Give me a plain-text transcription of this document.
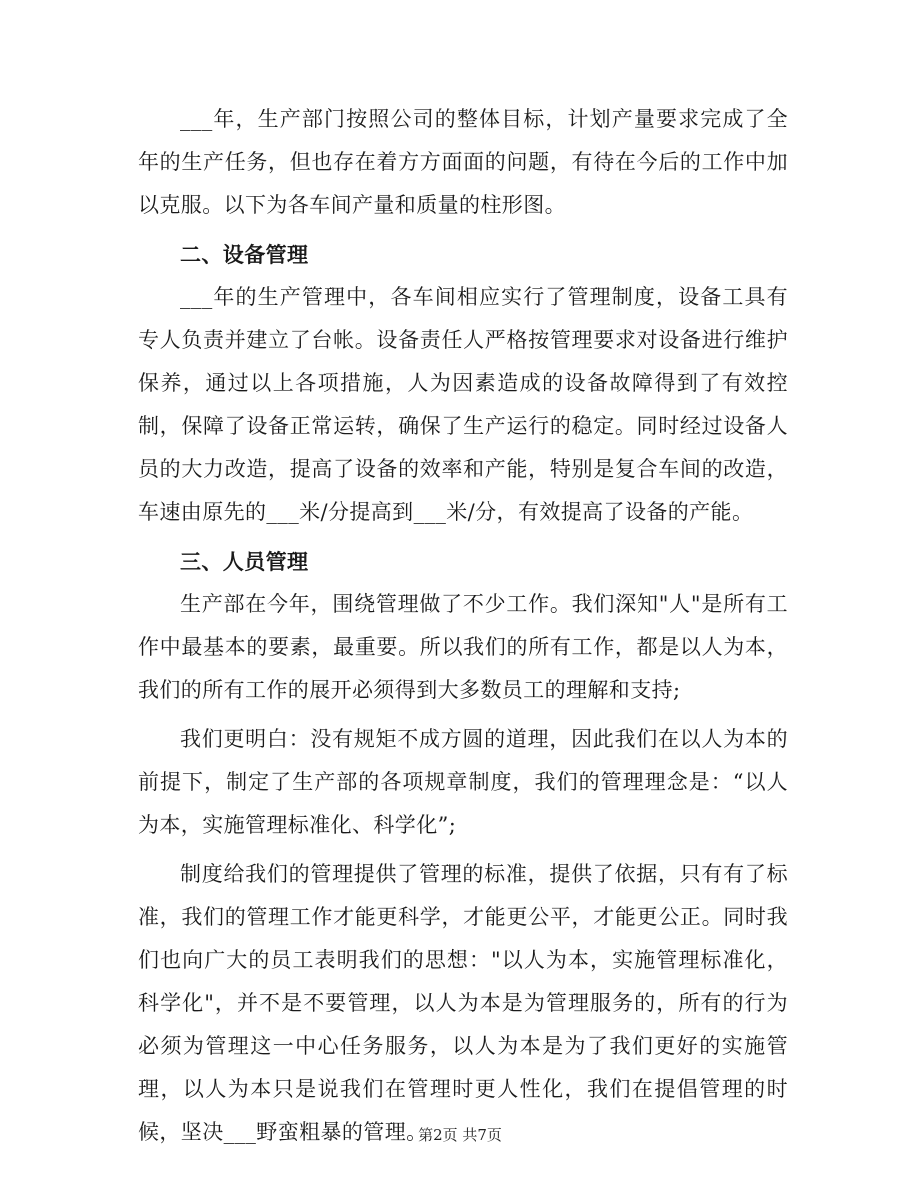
___年，生产部门按照公司的整体目标，计划产量要求完成了全年的生产任务，但也存在着方方面面的问题，有待在今后的工作中加以克服。以下为各车间产量和质量的柱形图。

二、设备管理

___年的生产管理中，各车间相应实行了管理制度，设备工具有专人负责并建立了台帐。设备责任人严格按管理要求对设备进行维护保养，通过以上各项措施，人为因素造成的设备故障得到了有效控制，保障了设备正常运转，确保了生产运行的稳定。同时经过设备人员的大力改造，提高了设备的效率和产能，特别是复合车间的改造，车速由原先的___米/分提高到___米/分，有效提高了设备的产能。

三、人员管理

生产部在今年，围绕管理做了不少工作。我们深知"人"是所有工作中最基本的要素，最重要。所以我们的所有工作，都是以人为本，我们的所有工作的展开必须得到大多数员工的理解和支持;

我们更明白：没有规矩不成方圆的道理，因此我们在以人为本的前提下，制定了生产部的各项规章制度，我们的管理理念是：“以人为本，实施管理标准化、科学化”;

制度给我们的管理提供了管理的标准，提供了依据，只有有了标准，我们的管理工作才能更科学，才能更公平，才能更公正。同时我们也向广大的员工表明我们的思想："以人为本，实施管理标准化，科学化"，并不是不要管理，以人为本是为管理服务的，所有的行为必须为管理这一中心任务服务，以人为本是为了我们更好的实施管理，以人为本只是说我们在管理时更人性化，我们在提倡管理的时候，坚决___野蛮粗暴的管理。

第2页 共7页
